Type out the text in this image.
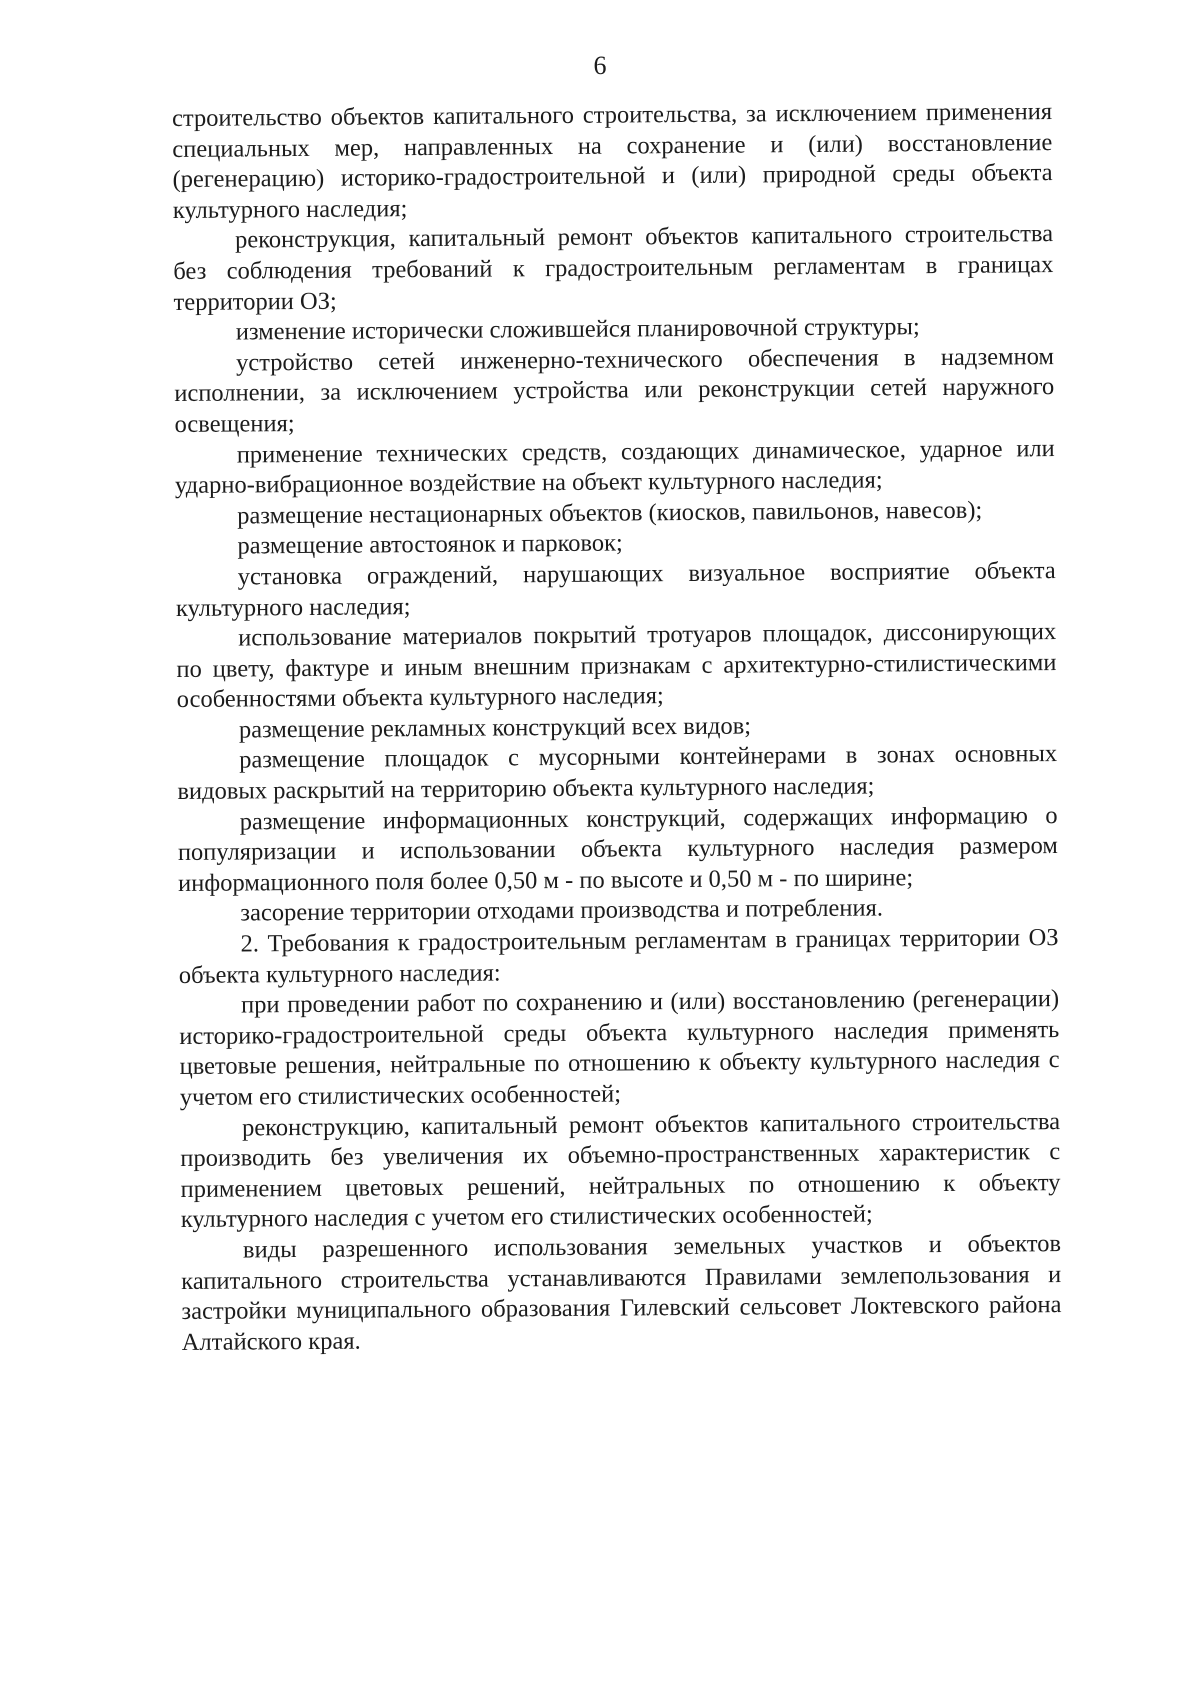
6

строительство объектов капитального строительства, за исключением применения специальных мер, направленных на сохранение и (или) восстановление (регенерацию) историко-градостроительной и (или) природной среды объекта культурного наследия;

реконструкция, капитальный ремонт объектов капитального строительства без соблюдения требований к градостроительным регламентам в границах территории ОЗ;

изменение исторически сложившейся планировочной структуры;

устройство сетей инженерно-технического обеспечения в надземном исполнении, за исключением устройства или реконструкции сетей наружного освещения;

применение технических средств, создающих динамическое, ударное или ударно-вибрационное воздействие на объект культурного наследия;

размещение нестационарных объектов (киосков, павильонов, навесов);

размещение автостоянок и парковок;

установка ограждений, нарушающих визуальное восприятие объекта культурного наследия;

использование материалов покрытий тротуаров площадок, диссонирующих по цвету, фактуре и иным внешним признакам с архитектурно-стилистическими особенностями объекта культурного наследия;

размещение рекламных конструкций всех видов;

размещение площадок с мусорными контейнерами в зонах основных видовых раскрытий на территорию объекта культурного наследия;

размещение информационных конструкций, содержащих информацию о популяризации и использовании объекта культурного наследия размером информационного поля более 0,50 м - по высоте и 0,50 м - по ширине;

засорение территории отходами производства и потребления.

2. Требования к градостроительным регламентам в границах территории ОЗ объекта культурного наследия:

при проведении работ по сохранению и (или) восстановлению (регенерации) историко-градостроительной среды объекта культурного наследия применять цветовые решения, нейтральные по отношению к объекту культурного наследия с учетом его стилистических особенностей;

реконструкцию, капитальный ремонт объектов капитального строительства производить без увеличения их объемно-пространственных характеристик с применением цветовых решений, нейтральных по отношению к объекту культурного наследия с учетом его стилистических особенностей;

виды разрешенного использования земельных участков и объектов капитального строительства устанавливаются Правилами землепользования и застройки муниципального образования Гилевский сельсовет Локтевского района Алтайского края.
